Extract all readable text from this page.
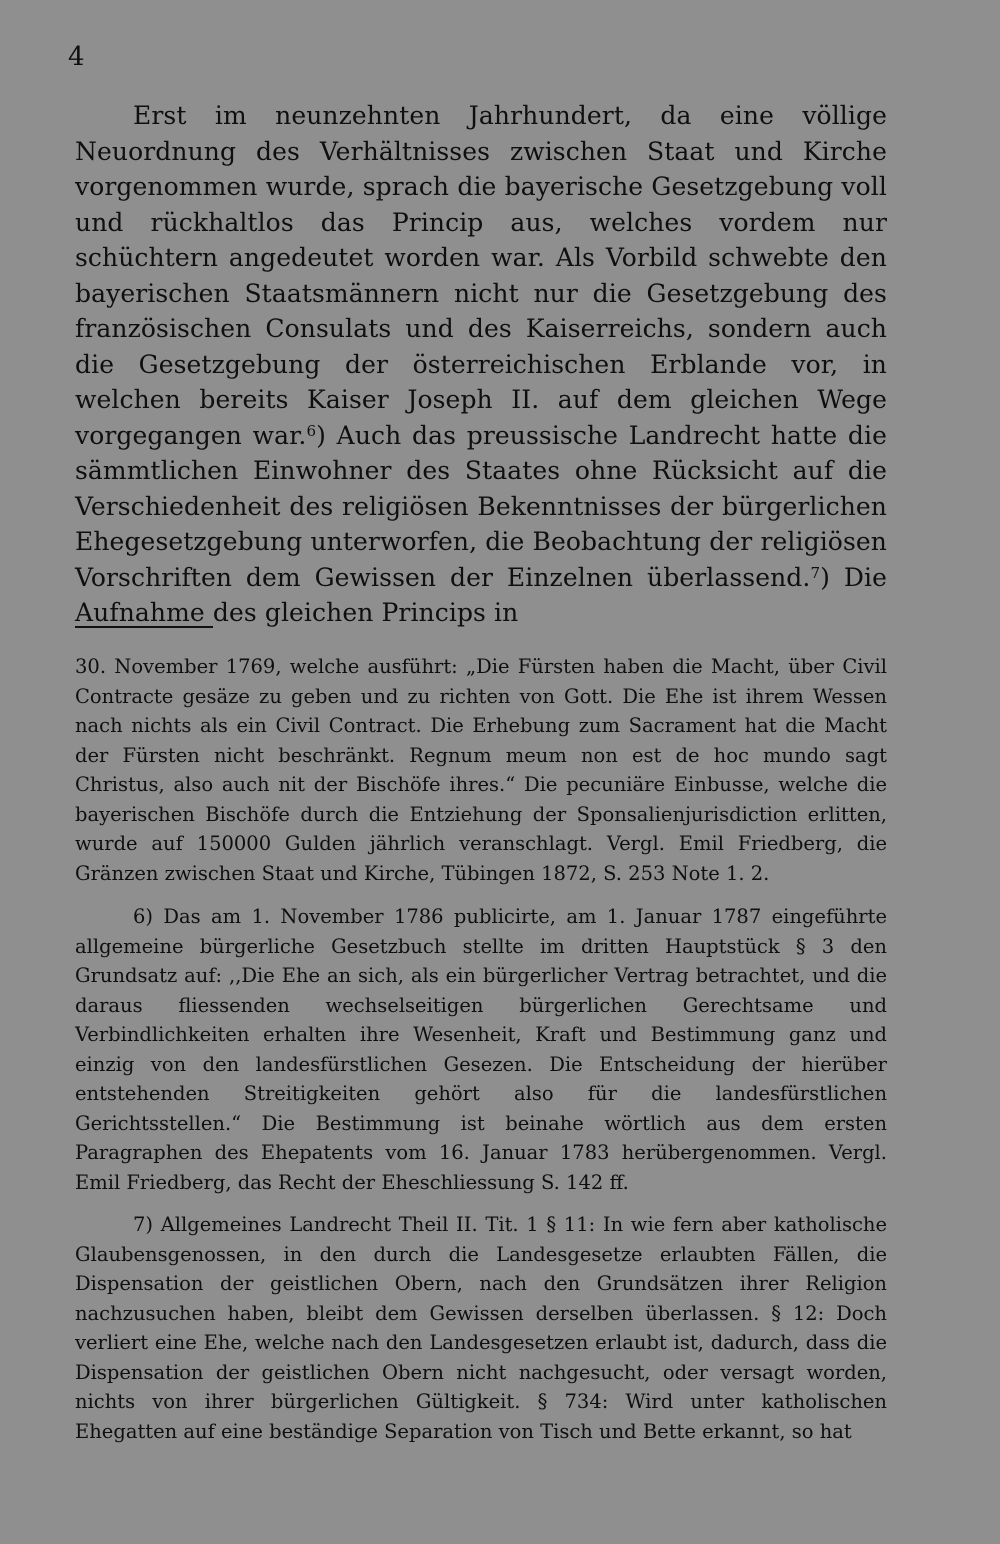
4

Erst im neunzehnten Jahrhundert, da eine völlige Neuordnung des Verhältnisses zwischen Staat und Kirche vorgenommen wurde, sprach die bayerische Gesetzgebung voll und rückhaltlos das Princip aus, welches vordem nur schüchtern angedeutet worden war. Als Vorbild schwebte den bayerischen Staatsmännern nicht nur die Gesetzgebung des französischen Consulats und des Kaiserreichs, sondern auch die Gesetzgebung der österreichischen Erblande vor, in welchen bereits Kaiser Joseph II. auf dem gleichen Wege vorgegangen war.$^6$) Auch das preussische Landrecht hatte die sämmtlichen Einwohner des Staates ohne Rücksicht auf die Verschiedenheit des religiösen Bekenntnisses der bürgerlichen Ehegesetzgebung unterworfen, die Beobachtung der religiösen Vorschriften dem Gewissen der Einzelnen überlassend.$^7$) Die Aufnahme des gleichen Princips in

30. November 1769, welche ausführt: „Die Fürsten haben die Macht, über Civil Contracte gesäze zu geben und zu richten von Gott. Die Ehe ist ihrem Wessen nach nichts als ein Civil Contract. Die Erhebung zum Sacrament hat die Macht der Fürsten nicht beschränkt. Regnum meum non est de hoc mundo sagt Christus, also auch nit der Bischöfe ihres.“ Die pecuniäre Einbusse, welche die bayerischen Bischöfe durch die Entziehung der Sponsalienjurisdiction erlitten, wurde auf 150000 Gulden jährlich veranschlagt. Vergl. Emil Friedberg, die Gränzen zwischen Staat und Kirche, Tübingen 1872, S. 253 Note 1. 2.

6) Das am 1. November 1786 publicirte, am 1. Januar 1787 eingeführte allgemeine bürgerliche Gesetzbuch stellte im dritten Hauptstück § 3 den Grundsatz auf: ,,Die Ehe an sich, als ein bürgerlicher Vertrag betrachtet, und die daraus fliessenden wechselseitigen bürgerlichen Gerechtsame und Verbindlichkeiten erhalten ihre Wesenheit, Kraft und Bestimmung ganz und einzig von den landesfürstlichen Gesezen. Die Entscheidung der hierüber entstehenden Streitigkeiten gehört also für die landesfürstlichen Gerichtsstellen.“ Die Bestimmung ist beinahe wörtlich aus dem ersten Paragraphen des Ehepatents vom 16. Januar 1783 herübergenommen. Vergl. Emil Friedberg, das Recht der Eheschliessung S. 142 ff.

7) Allgemeines Landrecht Theil II. Tit. 1 § 11: In wie fern aber katholische Glaubensgenossen, in den durch die Landesgesetze erlaubten Fällen, die Dispensation der geistlichen Obern, nach den Grundsätzen ihrer Religion nachzusuchen haben, bleibt dem Gewissen derselben überlassen. § 12: Doch verliert eine Ehe, welche nach den Landesgesetzen erlaubt ist, dadurch, dass die Dispensation der geistlichen Obern nicht nachgesucht, oder versagt worden, nichts von ihrer bürgerlichen Gültigkeit. § 734: Wird unter katholischen Ehegatten auf eine beständige Separation von Tisch und Bette erkannt, so hat
